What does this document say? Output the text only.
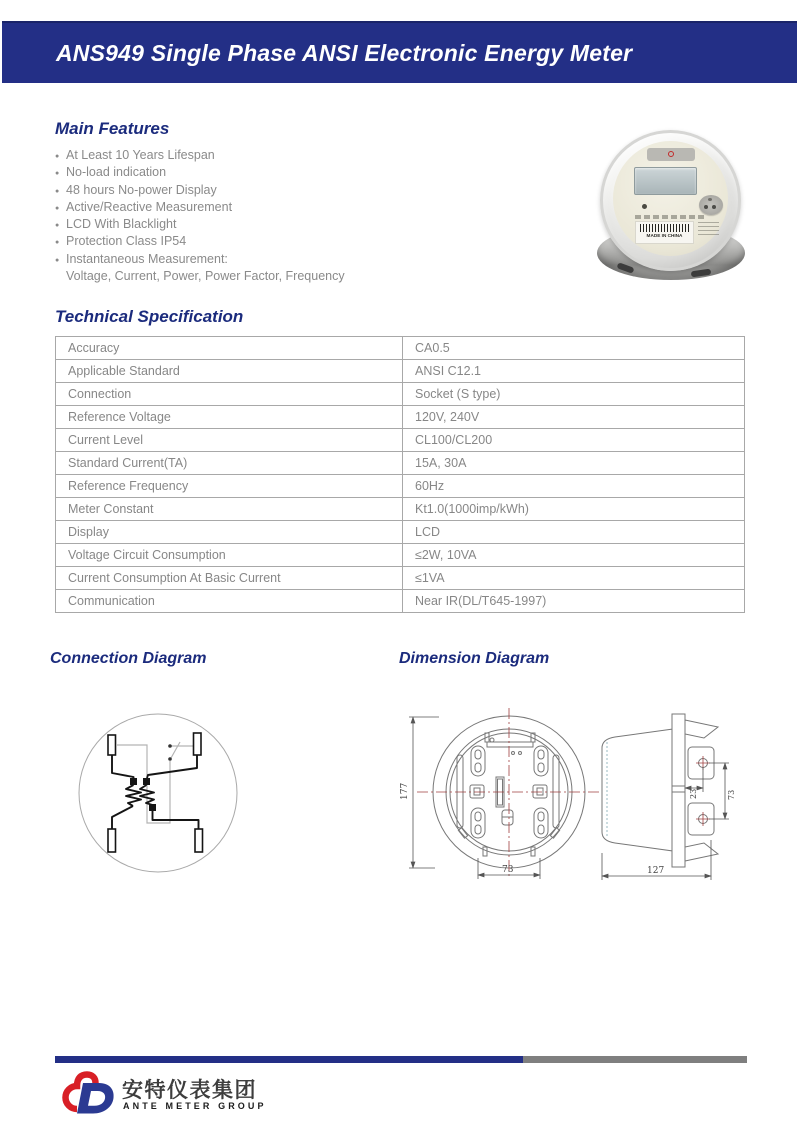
ANS949 Single Phase ANSI Electronic Energy Meter
Main Features
● At Least 10 Years Lifespan
● No-load indication
● 48 hours No-power Display
● Active/Reactive Measurement
● LCD With Blacklight
● Protection Class IP54
● Instantaneous Measurement:
Voltage, Current, Power, Power Factor, Frequency
MADE IN CHINA
Technical Specification
Accuracy	CA0.5
Applicable Standard	ANSI C12.1
Connection	Socket (S type)
Reference Voltage	120V, 240V
Current Level	CL100/CL200
Standard Current(TA)	15A, 30A
Reference Frequency	60Hz
Meter Constant	Kt1.0(1000imp/kWh)
Display	LCD
Voltage Circuit Consumption	≤2W, 10VA
Current Consumption At Basic Current	≤1VA
Communication	Near IR(DL/T645-1997)
Connection Diagram	Dimension Diagram
177
73
23	73
127
安特仪表集团
ANTE METER GROUP
